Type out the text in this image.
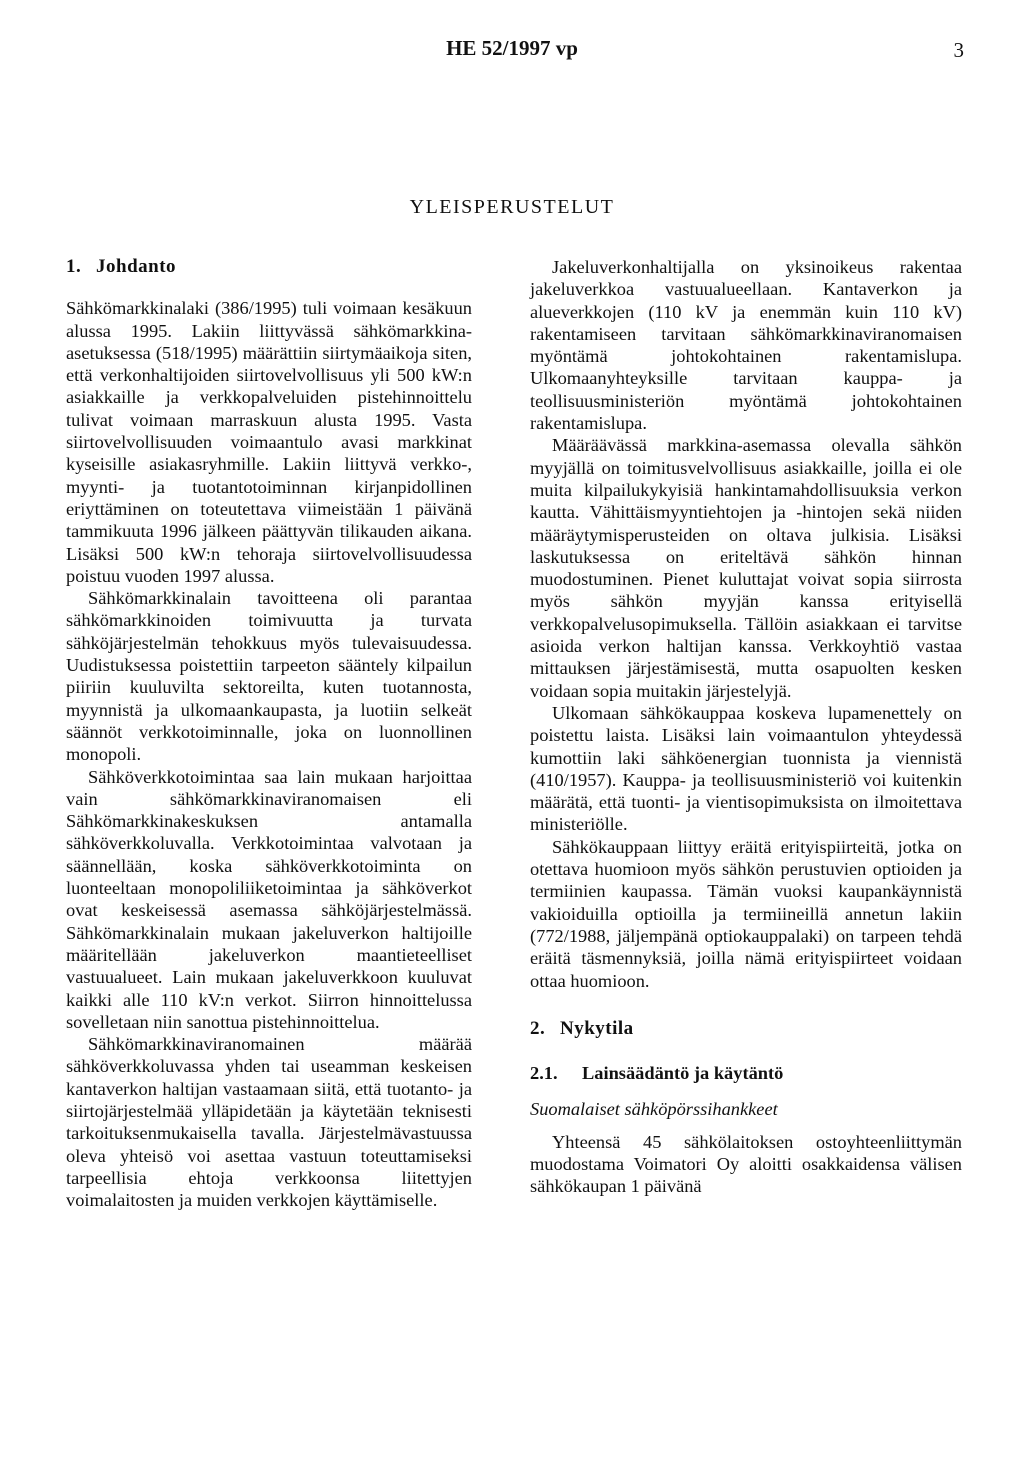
HE 52/1997 vp	3
YLEISPERUSTELUT
1. Johdanto

Sähkömarkkinalaki (386/1995) tuli voimaan kesäkuun alussa 1995. Lakiin liittyvässä sähkömarkkina-asetuksessa (518/1995) määrättiin siirtymäaikoja siten, että verkonhaltijoiden siirtovelvollisuus yli 500 kW:n asiakkaille ja verkkopalveluiden pistehinnoittelu tulivat voimaan marraskuun alusta 1995. Vasta siirtovelvollisuuden voimaantulo avasi markkinat kyseisille asiakasryhmille. Lakiin liittyvä verkko-, myynti- ja tuotantotoiminnan kirjanpidollinen eriyttäminen on toteutettava viimeistään 1 päivänä tammikuuta 1996 jälkeen päättyvän tilikauden aikana. Lisäksi 500 kW:n tehoraja siirtovelvollisuudessa poistuu vuoden 1997 alussa.

Sähkömarkkinalain tavoitteena oli parantaa sähkömarkkinoiden toimivuutta ja turvata sähköjärjestelmän tehokkuus myös tulevaisuudessa. Uudistuksessa poistettiin tarpeeton sääntely kilpailun piiriin kuuluvilta sektoreilta, kuten tuotannosta, myynnistä ja ulkomaankaupasta, ja luotiin selkeät säännöt verkkotoiminnalle, joka on luonnollinen monopoli.

Sähköverkkotoimintaa saa lain mukaan harjoittaa vain sähkömarkkinaviranomaisen eli Sähkömarkkinakeskuksen antamalla sähköverkkoluvalla. Verkkotoimintaa valvotaan ja säännellään, koska sähköverkkotoiminta on luonteeltaan monopoliliiketoimintaa ja sähköverkot ovat keskeisessä asemassa sähköjärjestelmässä. Sähkömarkkinalain mukaan jakeluverkon haltijoille määritellään jakeluverkon maantieteelliset vastuualueet. Lain mukaan jakeluverkkoon kuuluvat kaikki alle 110 kV:n verkot. Siirron hinnoittelussa sovelletaan niin sanottua pistehinnoittelua.

Sähkömarkkinaviranomainen määrää sähköverkkoluvassa yhden tai useamman keskeisen kantaverkon haltijan vastaamaan siitä, että tuotanto- ja siirtojärjestelmää ylläpidetään ja käytetään teknisesti tarkoituksenmukaisella tavalla. Järjestelmävastuussa oleva yhteisö voi asettaa vastuun toteuttamiseksi tarpeellisia ehtoja verkkoonsa liitettyjen voimalaitosten ja muiden verkkojen käyttämiselle.

Jakeluverkonhaltijalla on yksinoikeus rakentaa jakeluverkkoa vastuualueellaan. Kantaverkon ja alueverkkojen (110 kV ja enemmän kuin 110 kV) rakentamiseen tarvitaan sähkömarkkinaviranomaisen myöntämä johtokohtainen rakentamislupa. Ulkomaanyhteyksille tarvitaan kauppa- ja teollisuusministeriön myöntämä johtokohtainen rakentamislupa.

Määräävässä markkina-asemassa olevalla sähkön myyjällä on toimitusvelvollisuus asiakkaille, joilla ei ole muita kilpailukykyisiä hankintamahdollisuuksia verkon kautta. Vähittäismyyntiehtojen ja -hintojen sekä niiden määräytymisperusteiden on oltava julkisia. Lisäksi laskutuksessa on eriteltävä sähkön hinnan muodostuminen. Pienet kuluttajat voivat sopia siirrosta myös sähkön myyjän kanssa erityisellä verkkopalvelusopimuksella. Tällöin asiakkaan ei tarvitse asioida verkon haltijan kanssa. Verkkoyhtiö vastaa mittauksen järjestämisestä, mutta osapuolten kesken voidaan sopia muitakin järjestelyjä.

Ulkomaan sähkökauppaa koskeva lupamenettely on poistettu laista. Lisäksi lain voimaantulon yhteydessä kumottiin laki sähköenergian tuonnista ja viennistä (410/1957). Kauppa- ja teollisuusministeriö voi kuitenkin määrätä, että tuonti- ja vientisopimuksista on ilmoitettava ministeriölle.

Sähkökauppaan liittyy eräitä erityispiirteitä, jotka on otettava huomioon myös sähkön perustuvien optioiden ja termiinien kaupassa. Tämän vuoksi kaupankäynnistä vakioiduilla optioilla ja termiineillä annetun lakiin (772/1988, jäljempänä optiokauppalaki) on tarpeen tehdä eräitä täsmennyksiä, joilla nämä erityispiirteet voidaan ottaa huomioon.

2. Nykytila
2.1. Lainsäädäntö ja käytäntö
Suomalaiset sähköpörssihankkeet

Yhteensä 45 sähkölaitoksen ostoyhteenliittymän muodostama Voimatori Oy aloitti osakkaidensa välisen sähkökaupan 1 päivänä
